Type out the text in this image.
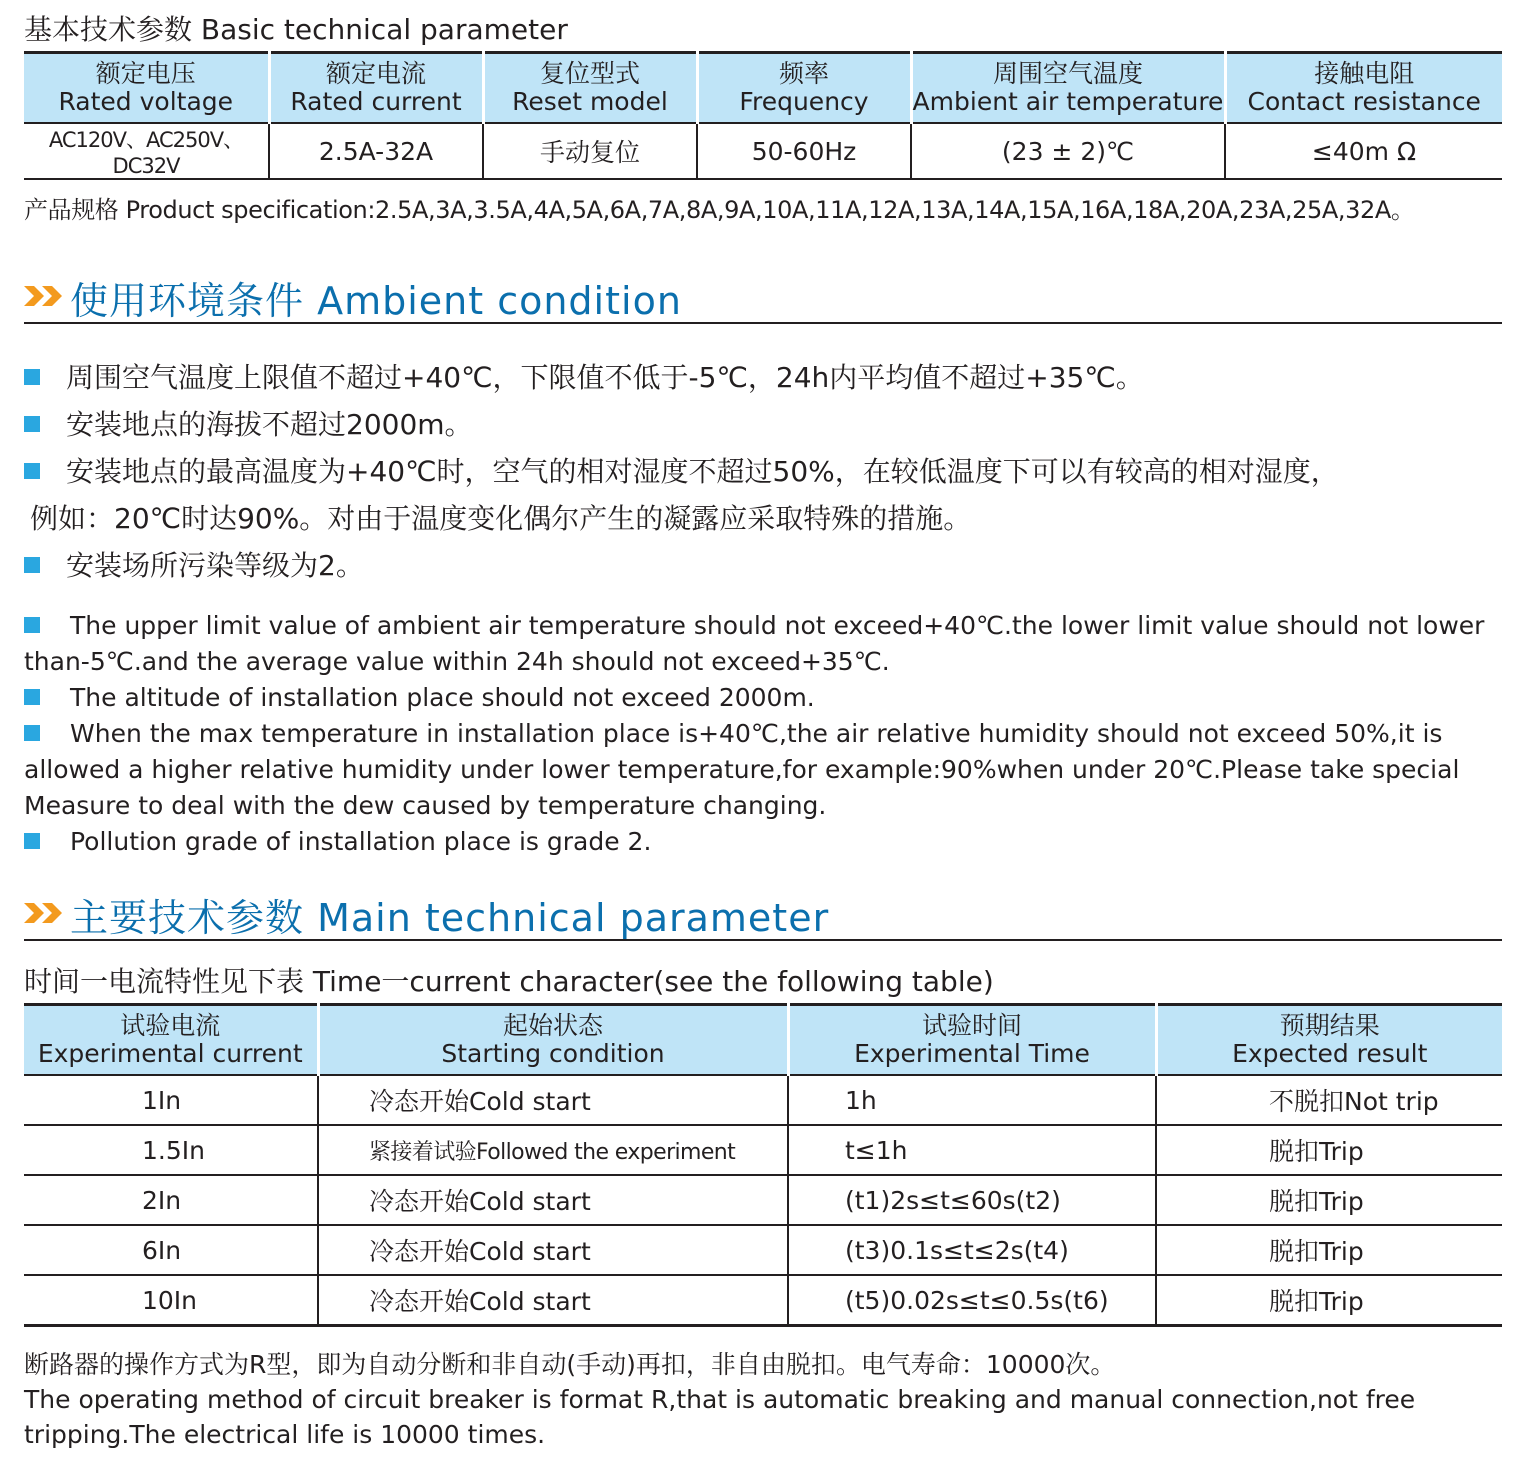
基本技术参数 Basic technical parameter
额定电压
Rated voltage	额定电流
Rated current	复位型式
Reset model	频率
Frequency	周围空气温度
Ambient air temperature	接触电阻
Contact resistance

AC120V、AC250V、DC32V	2.5A-32A	手动复位	50-60Hz	(23 ± 2)℃	≤40m Ω
产品规格 Product specification:2.5A,3A,3.5A,4A,5A,6A,7A,8A,9A,10A,11A,12A,13A,14A,15A,16A,18A,20A,23A,25A,32A。
使用环境条件 Ambient condition

周围空气温度上限值不超过+40℃，下限值不低于-5℃，24h内平均值不超过+35℃。

安装地点的海拔不超过2000m。

安装地点的最高温度为+40℃时，空气的相对湿度不超过50%，在较低温度下可以有较高的相对湿度，
例如：20℃时达90%。对由于温度变化偶尔产生的凝露应采取特殊的措施。

安装场所污染等级为2。

The upper limit value of ambient air temperature should not exceed+40℃.the lower limit value should not lower than-5℃.and the average value within 24h should not exceed+35℃.

The altitude of installation place should not exceed 2000m.

When the max temperature in installation place is+40℃,the air relative humidity should not exceed 50%,it is allowed a higher relative humidity under lower temperature,for example:90%when under 20℃.Please take special Measure to deal with the dew caused by temperature changing.

Pollution grade of installation place is grade 2.

主要技术参数 Main technical parameter
时间一电流特性见下表 Time一current character(see the following table)
试验电流
Experimental current	起始状态
Starting condition	试验时间
Experimental Time	预期结果
Expected result

1In	冷态开始Cold start	1h	不脱扣Not trip
1.5In	紧接着试验Followed the experiment	t≤1h	脱扣Trip
2In	冷态开始Cold start	(t1)2s≤t≤60s(t2)	脱扣Trip
6In	冷态开始Cold start	(t3)0.1s≤t≤2s(t4)	脱扣Trip
10In	冷态开始Cold start	(t5)0.02s≤t≤0.5s(t6)	脱扣Trip

断路器的操作方式为R型，即为自动分断和非自动(手动)再扣，非自由脱扣。电气寿命：10000次。

The operating method of circuit breaker is format R,that is automatic breaking and manual connection,not free tripping.The electrical life is 10000 times.
